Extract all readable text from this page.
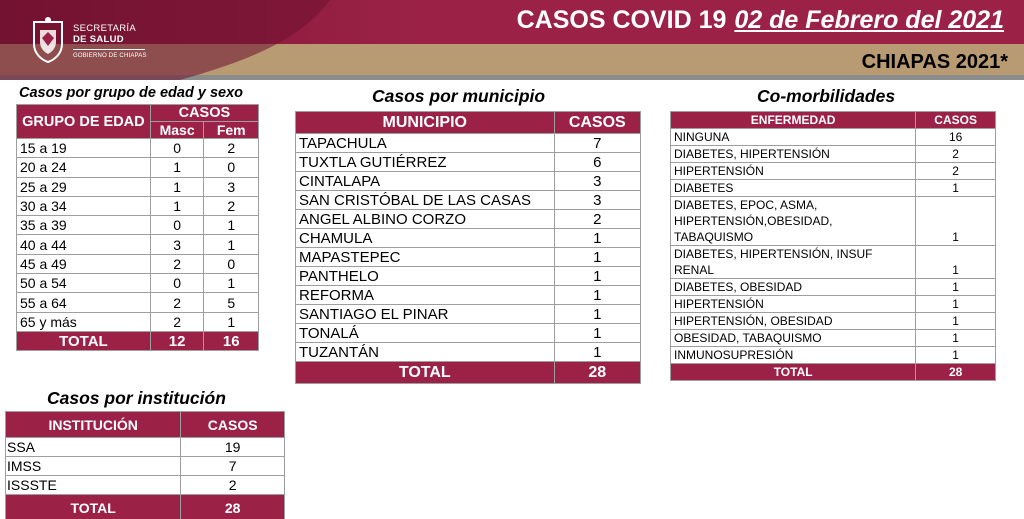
SECRETARÍA
DE SALUD
GOBIERNO DE CHIAPAS
CASOS COVID 19 02 de Febrero del 2021
CHIAPAS 2021*
Casos por grupo de edad y sexo
GRUPO DE EDAD	CASOS	
	Masc	Fem
15 a 19	0	2
20 a 24	1	0
25 a 29	1	3
30 a 34	1	2
35 a 39	0	1
40 a 44	3	1
45 a 49	2	0
50 a 54	0	1
55 a 64	2	5
65 y más	2	1
TOTAL	12	16
Casos por municipio
MUNICIPIO	CASOS
TAPACHULA	7
TUXTLA GUTIÉRREZ	6
CINTALAPA	3
SAN CRISTÓBAL DE LAS CASAS	3
ANGEL ALBINO CORZO	2
CHAMULA	1
MAPASTEPEC	1
PANTHELO	1
REFORMA	1
SANTIAGO EL PINAR	1
TONALÁ	1
TUZANTÁN	1
TOTAL	28
Co-morbilidades
ENFERMEDAD	CASOS
NINGUNA	16
DIABETES, HIPERTENSIÓN	2
HIPERTENSIÓN	2
DIABETES	1
DIABETES, EPOC, ASMA, HIPERTENSIÓN,OBESIDAD, TABAQUISMO	1
DIABETES, HIPERTENSIÓN, INSUF RENAL	1
DIABETES, OBESIDAD	1
HIPERTENSIÓN	1
HIPERTENSIÓN, OBESIDAD	1
OBESIDAD, TABAQUISMO	1
INMUNOSUPRESIÓN	1
TOTAL	28
Casos por institución
INSTITUCIÓN	CASOS
SSA	19
IMSS	7
ISSSTE	2
TOTAL	28
